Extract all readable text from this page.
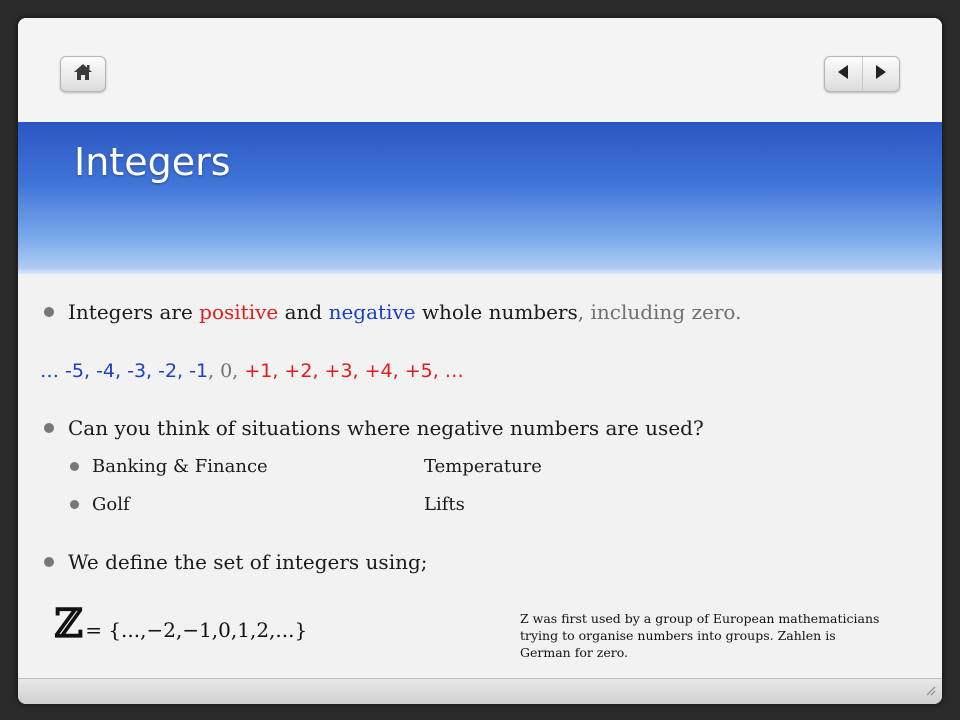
Integers
Integers are positive and negative whole numbers, including zero.
… -5, -4, -3, -2, -1, 0, +1, +2, +3, +4, +5, …
Can you think of situations where negative numbers are used?
Banking & Finance	Temperature
Golf	Lifts
We define the set of integers using;
ℤ = {...,−2,−1,0,1,2,...}	Z was first used by a group of European mathematicians trying to organise numbers into groups. Zahlen is German for zero.
